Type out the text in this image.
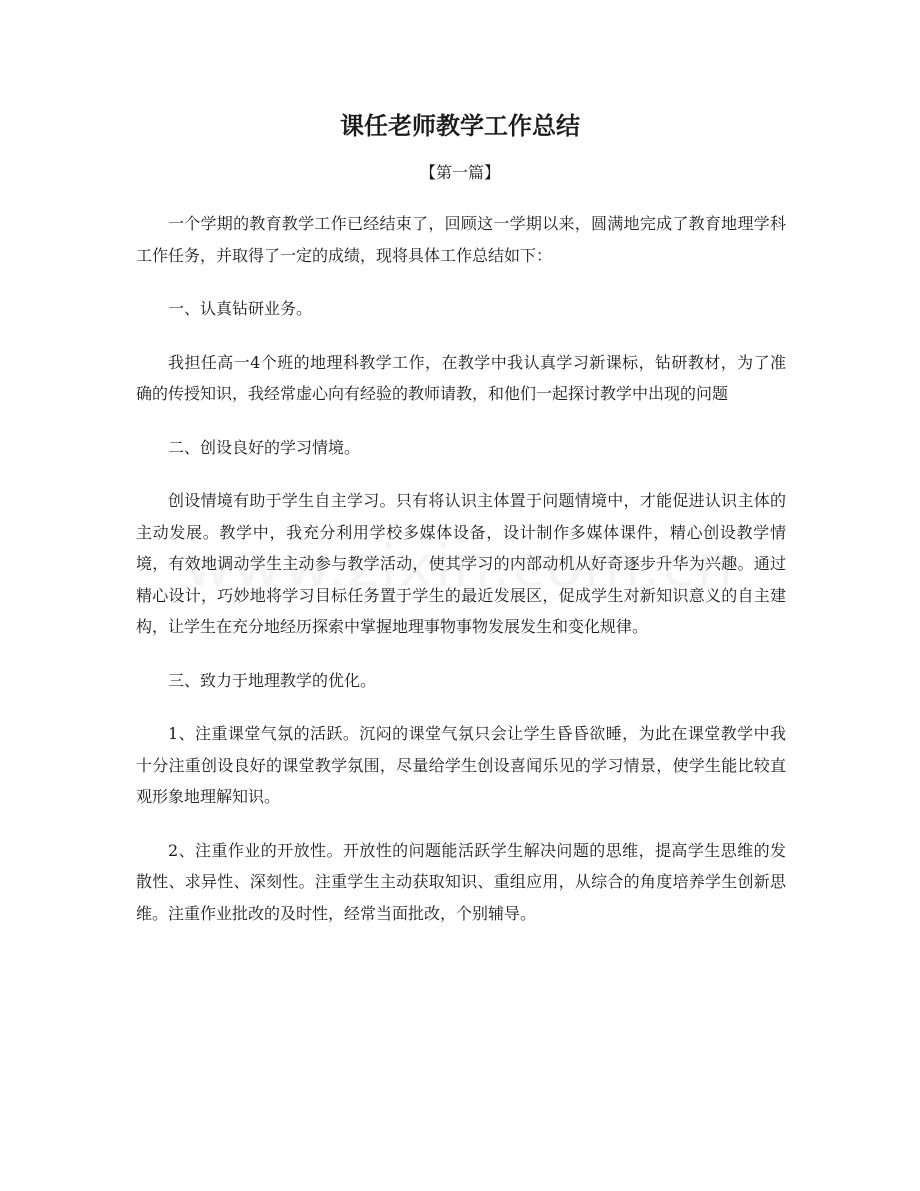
课任老师教学工作总结
【第一篇】

一个学期的教育教学工作已经结束了，回顾这一学期以来，圆满地完成了教育地理学科工作任务，并取得了一定的成绩，现将具体工作总结如下：

一、认真钻研业务。

我担任高一4个班的地理科教学工作，在教学中我认真学习新课标，钻研教材，为了准确的传授知识，我经常虚心向有经验的教师请教，和他们一起探讨教学中出现的问题

二、创设良好的学习情境。

创设情境有助于学生自主学习。只有将认识主体置于问题情境中，才能促进认识主体的主动发展。教学中，我充分利用学校多媒体设备，设计制作多媒体课件，精心创设教学情境，有效地调动学生主动参与教学活动，使其学习的内部动机从好奇逐步升华为兴趣。通过精心设计，巧妙地将学习目标任务置于学生的最近发展区，促成学生对新知识意义的自主建构，让学生在充分地经历探索中掌握地理事物事物发展发生和变化规律。

三、致力于地理教学的优化。

1、注重课堂气氛的活跃。沉闷的课堂气氛只会让学生昏昏欲睡，为此在课堂教学中我十分注重创设良好的课堂教学氛围，尽量给学生创设喜闻乐见的学习情景，使学生能比较直观形象地理解知识。

2、注重作业的开放性。开放性的问题能活跃学生解决问题的思维，提高学生思维的发散性、求异性、深刻性。注重学生主动获取知识、重组应用，从综合的角度培养学生创新思维。注重作业批改的及时性，经常当面批改，个别辅导。
